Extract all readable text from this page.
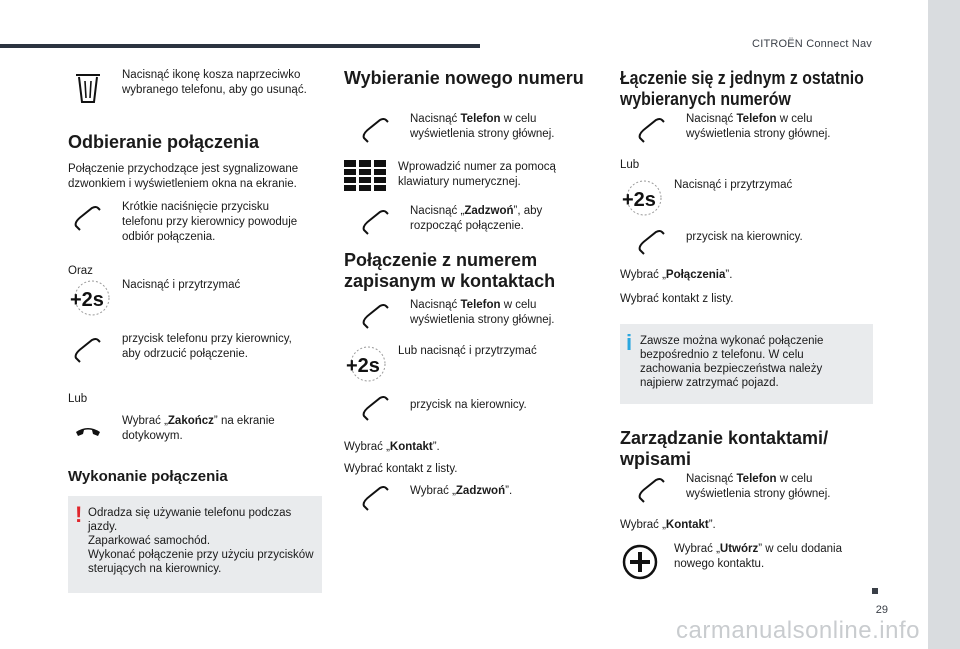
CITROËN Connect Nav
Nacisnąć ikonę kosza naprzeciwko wybranego telefonu, aby go usunąć.
Odbieranie połączenia
Połączenie przychodzące jest sygnalizowane dzwonkiem i wyświetleniem okna na ekranie.
Krótkie naciśnięcie przycisku telefonu przy kierownicy powoduje odbiór połączenia.
Oraz
+2s
Nacisnąć i przytrzymać
przycisk telefonu przy kierownicy, aby odrzucić połączenie.
Lub
Wybrać „Zakończ” na ekranie dotykowym.
Wykonanie połączenia
! Odradza się używanie telefonu podczas jazdy.
Zaparkować samochód.
Wykonać połączenie przy użyciu przycisków sterujących na kierownicy.
Wybieranie nowego numeru
Nacisnąć Telefon w celu wyświetlenia strony głównej.
Wprowadzić numer za pomocą klawiatury numerycznej.
Nacisnąć „Zadzwoń”, aby rozpocząć połączenie.
Połączenie z numerem zapisanym w kontaktach
Nacisnąć Telefon w celu wyświetlenia strony głównej.
+2s
Lub nacisnąć i przytrzymać
przycisk na kierownicy.
Wybrać „Kontakt”.
Wybrać kontakt z listy.
Wybrać „Zadzwoń”.
Łączenie się z jednym z ostatnio wybieranych numerów
Nacisnąć Telefon w celu wyświetlenia strony głównej.
Lub
+2s
Nacisnąć i przytrzymać
przycisk na kierownicy.
Wybrać „Połączenia”.
Wybrać kontakt z listy.
i Zawsze można wykonać połączenie bezpośrednio z telefonu. W celu zachowania bezpieczeństwa należy najpierw zatrzymać pojazd.
Zarządzanie kontaktami/ wpisami
Nacisnąć Telefon w celu wyświetlenia strony głównej.
Wybrać „Kontakt”.
Wybrać „Utwórz” w celu dodania nowego kontaktu.
29
carmanualsonline.info
